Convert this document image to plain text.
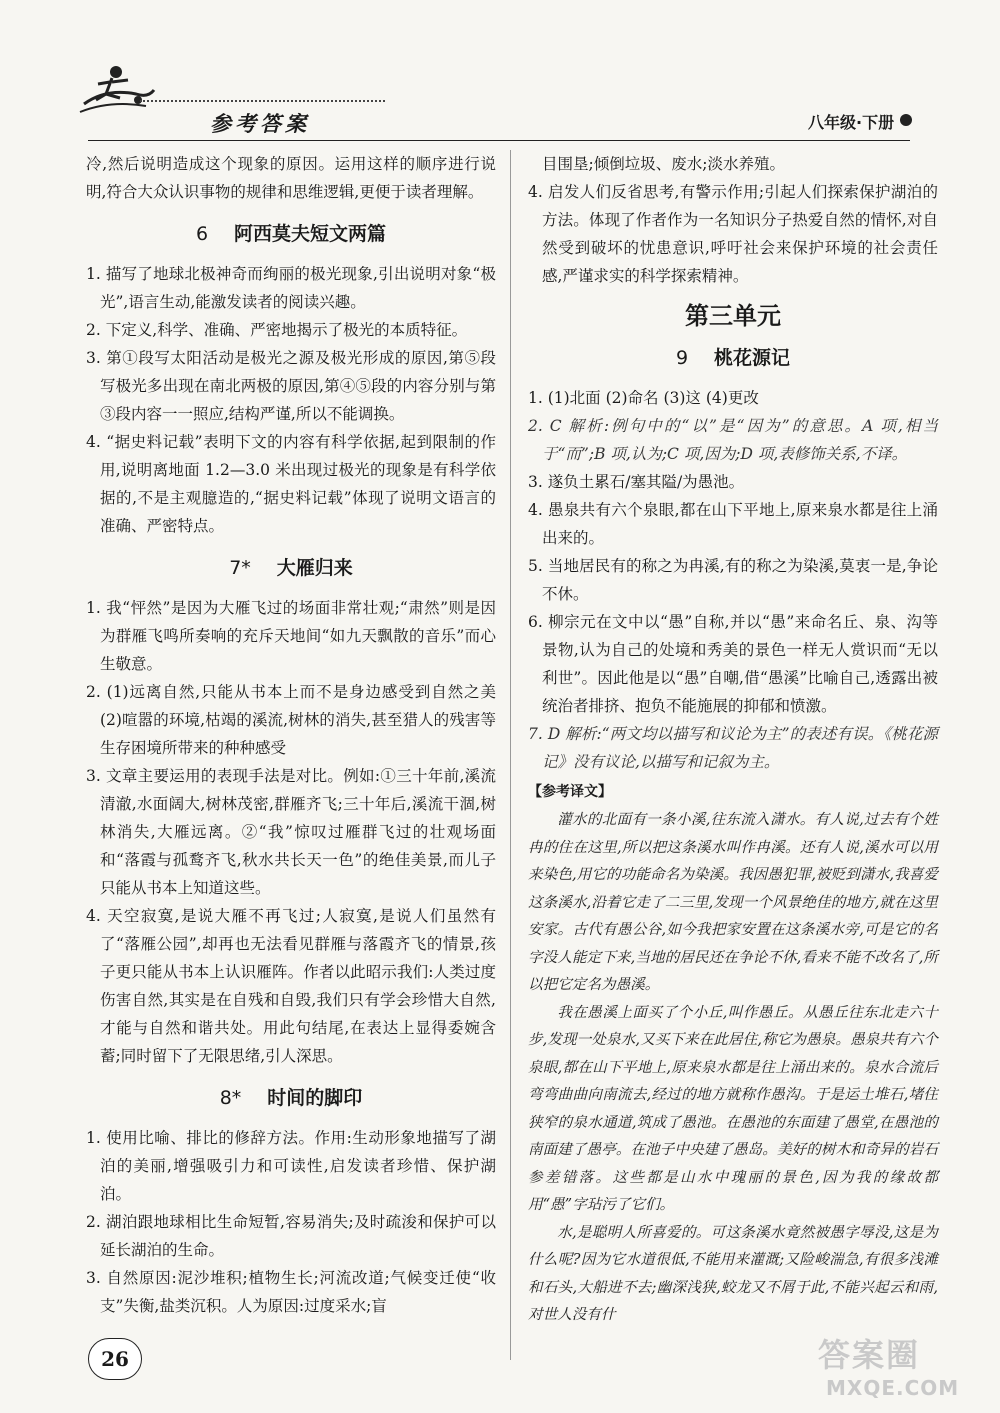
参考答案	八年级·下册

冷,然后说明造成这个现象的原因。运用这样的顺序进行说明,符合大众认识事物的规律和思维逻辑,更便于读者理解。

6 阿西莫夫短文两篇

1. 描写了地球北极神奇而绚丽的极光现象,引出说明对象“极光”,语言生动,能激发读者的阅读兴趣。

2. 下定义,科学、准确、严密地揭示了极光的本质特征。

3. 第①段写太阳活动是极光之源及极光形成的原因,第⑤段写极光多出现在南北两极的原因,第④⑤段的内容分别与第③段内容一一照应,结构严谨,所以不能调换。

4. “据史料记载”表明下文的内容有科学依据,起到限制的作用,说明离地面 1.2—3.0 米出现过极光的现象是有科学依据的,不是主观臆造的,“据史料记载”体现了说明文语言的准确、严密特点。

7* 大雁归来

1. 我“怦然”是因为大雁飞过的场面非常壮观;“肃然”则是因为群雁飞鸣所奏响的充斥天地间“如九天飘散的音乐”而心生敬意。

2. (1)远离自然,只能从书本上而不是身边感受到自然之美 (2)喧嚣的环境,枯竭的溪流,树林的消失,甚至猎人的残害等生存困境所带来的种种感受

3. 文章主要运用的表现手法是对比。例如:①三十年前,溪流清澈,水面阔大,树林茂密,群雁齐飞;三十年后,溪流干涸,树林消失,大雁远离。②“我”惊叹过雁群飞过的壮观场面和“落霞与孤鹜齐飞,秋水共长天一色”的绝佳美景,而儿子只能从书本上知道这些。

4. 天空寂寞,是说大雁不再飞过;人寂寞,是说人们虽然有了“落雁公园”,却再也无法看见群雁与落霞齐飞的情景,孩子更只能从书本上认识雁阵。作者以此昭示我们:人类过度伤害自然,其实是在自残和自毁,我们只有学会珍惜大自然,才能与自然和谐共处。用此句结尾,在表达上显得委婉含蓄;同时留下了无限思绪,引人深思。

8* 时间的脚印

1. 使用比喻、排比的修辞方法。作用:生动形象地描写了湖泊的美丽,增强吸引力和可读性,启发读者珍惜、保护湖泊。

2. 湖泊跟地球相比生命短暂,容易消失;及时疏浚和保护可以延长湖泊的生命。

3. 自然原因:泥沙堆积;植物生长;河流改道;气候变迁使“收支”失衡,盐类沉积。人为原因:过度采水;盲

目围垦;倾倒垃圾、废水;淡水养殖。

4. 启发人们反省思考,有警示作用;引起人们探索保护湖泊的方法。体现了作者作为一名知识分子热爱自然的情怀,对自然受到破坏的忧患意识,呼吁社会来保护环境的社会责任感,严谨求实的科学探索精神。

第三单元
9 桃花源记

1. (1)北面 (2)命名 (3)这 (4)更改

2. C 解析:例句中的“以”是“因为”的意思。A 项,相当于“而”;B 项,认为;C 项,因为;D 项,表修饰关系,不译。

3. 遂负土累石/塞其隘/为愚池。

4. 愚泉共有六个泉眼,都在山下平地上,原来泉水都是往上涌出来的。

5. 当地居民有的称之为冉溪,有的称之为染溪,莫衷一是,争论不休。

6. 柳宗元在文中以“愚”自称,并以“愚”来命名丘、泉、沟等景物,认为自己的处境和秀美的景色一样无人赏识而“无以利世”。因此他是以“愚”自嘲,借“愚溪”比喻自己,透露出被统治者排挤、抱负不能施展的抑郁和愤激。

7. D 解析:“两文均以描写和议论为主”的表述有误。《桃花源记》没有议论,以描写和记叙为主。

【参考译文】

灌水的北面有一条小溪,往东流入潇水。有人说,过去有个姓冉的住在这里,所以把这条溪水叫作冉溪。还有人说,溪水可以用来染色,用它的功能命名为染溪。我因愚犯罪,被贬到潇水,我喜爱这条溪水,沿着它走了二三里,发现一个风景绝佳的地方,就在这里安家。古代有愚公谷,如今我把家安置在这条溪水旁,可是它的名字没人能定下来,当地的居民还在争论不休,看来不能不改名了,所以把它定名为愚溪。

我在愚溪上面买了个小丘,叫作愚丘。从愚丘往东北走六十步,发现一处泉水,又买下来在此居住,称它为愚泉。愚泉共有六个泉眼,都在山下平地上,原来泉水都是往上涌出来的。泉水合流后弯弯曲曲向南流去,经过的地方就称作愚沟。于是运土堆石,堵住狭窄的泉水通道,筑成了愚池。在愚池的东面建了愚堂,在愚池的南面建了愚亭。在池子中央建了愚岛。美好的树木和奇异的岩石参差错落。这些都是山水中瑰丽的景色,因为我的缘故都用“愚”字玷污了它们。

水,是聪明人所喜爱的。可这条溪水竟然被愚字辱没,这是为什么呢?因为它水道很低,不能用来灌溉;又险峻湍急,有很多浅滩和石头,大船进不去;幽深浅狭,蛟龙又不屑于此,不能兴起云和雨,对世人没有什

26	答案圈
MXQE.COM
